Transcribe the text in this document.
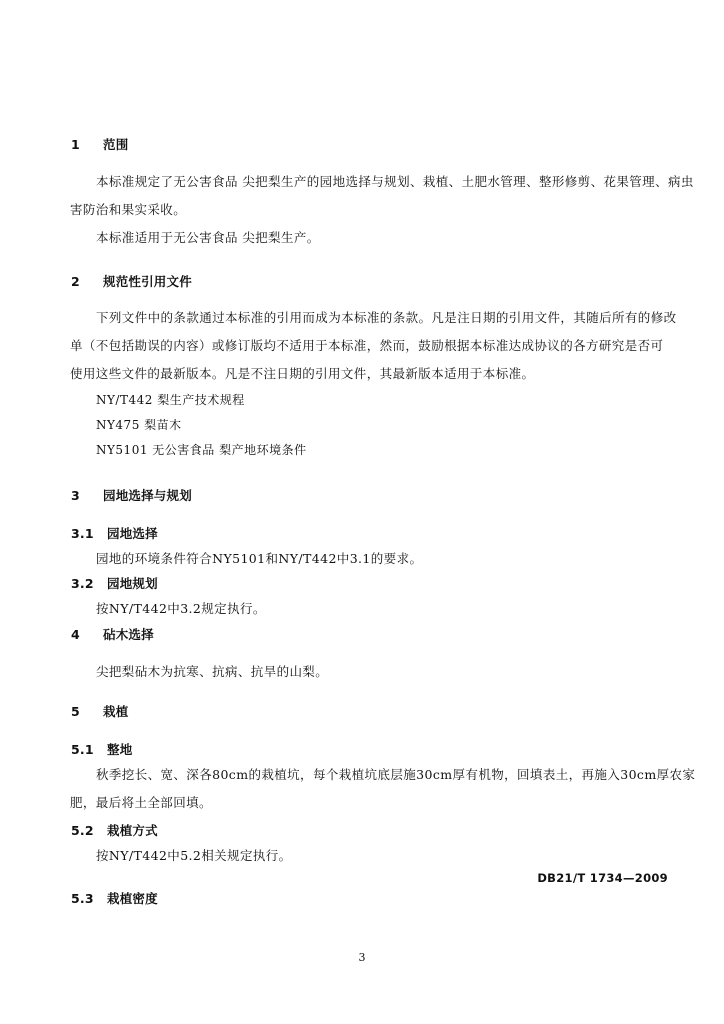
1 范围
本标准规定了无公害食品 尖把梨生产的园地选择与规划、栽植、土肥水管理、整形修剪、花果管理、病虫
害防治和果实采收。
本标准适用于无公害食品 尖把梨生产。
2 规范性引用文件
下列文件中的条款通过本标准的引用而成为本标准的条款。凡是注日期的引用文件，其随后所有的修改
单（不包括勘误的内容）或修订版均不适用于本标准，然而，鼓励根据本标准达成协议的各方研究是否可
使用这些文件的最新版本。凡是不注日期的引用文件，其最新版本适用于本标准。
NY/T442 梨生产技术规程
NY475 梨苗木
NY5101 无公害食品 梨产地环境条件
3 园地选择与规划
3.1 园地选择
园地的环境条件符合NY5101和NY/T442中3.1的要求。
3.2 园地规划
按NY/T442中3.2规定执行。
4 砧木选择
尖把梨砧木为抗寒、抗病、抗旱的山梨。
5 栽植
5.1 整地
秋季挖长、宽、深各80cm的栽植坑，每个栽植坑底层施30cm厚有机物，回填表土，再施入30cm厚农家
肥，最后将土全部回填。
5.2 栽植方式
按NY/T442中5.2相关规定执行。
DB21/T 1734—2009
5.3 栽植密度
3
